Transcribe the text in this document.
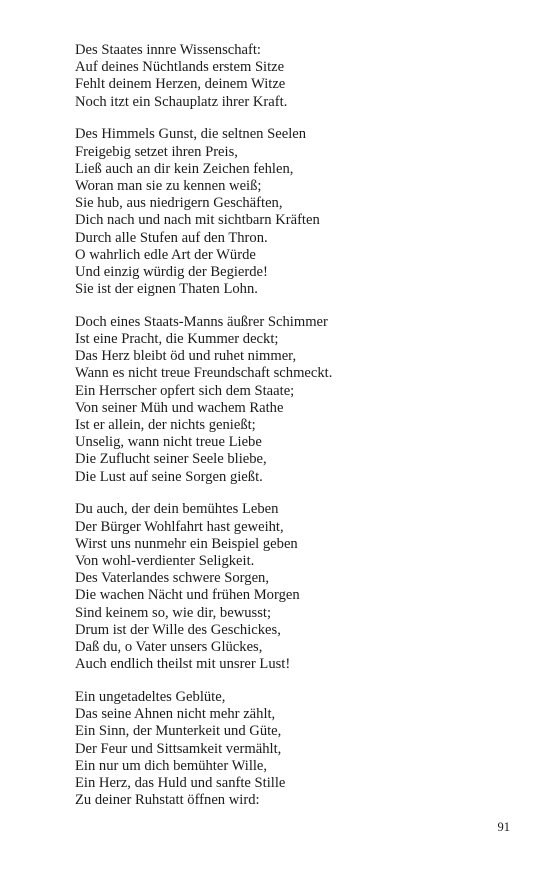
Des Staates innre Wissenschaft:
Auf deines Nüchtlands erstem Sitze
Fehlt deinem Herzen, deinem Witze
Noch itzt ein Schauplatz ihrer Kraft.
Des Himmels Gunst, die seltnen Seelen
Freigebig setzet ihren Preis,
Ließ auch an dir kein Zeichen fehlen,
Woran man sie zu kennen weiß;
Sie hub, aus niedrigern Geschäften,
Dich nach und nach mit sichtbarn Kräften
Durch alle Stufen auf den Thron.
O wahrlich edle Art der Würde
Und einzig würdig der Begierde!
Sie ist der eignen Thaten Lohn.
Doch eines Staats-Manns äußrer Schimmer
Ist eine Pracht, die Kummer deckt;
Das Herz bleibt öd und ruhet nimmer,
Wann es nicht treue Freundschaft schmeckt.
Ein Herrscher opfert sich dem Staate;
Von seiner Müh und wachem Rathe
Ist er allein, der nichts genießt;
Unselig, wann nicht treue Liebe
Die Zuflucht seiner Seele bliebe,
Die Lust auf seine Sorgen gießt.
Du auch, der dein bemühtes Leben
Der Bürger Wohlfahrt hast geweiht,
Wirst uns nunmehr ein Beispiel geben
Von wohl-verdienter Seligkeit.
Des Vaterlandes schwere Sorgen,
Die wachen Nächt und frühen Morgen
Sind keinem so, wie dir, bewusst;
Drum ist der Wille des Geschickes,
Daß du, o Vater unsers Glückes,
Auch endlich theilst mit unsrer Lust!
Ein ungetadeltes Geblüte,
Das seine Ahnen nicht mehr zählt,
Ein Sinn, der Munterkeit und Güte,
Der Feur und Sittsamkeit vermählt,
Ein nur um dich bemühter Wille,
Ein Herz, das Huld und sanfte Stille
Zu deiner Ruhstatt öffnen wird:
91
